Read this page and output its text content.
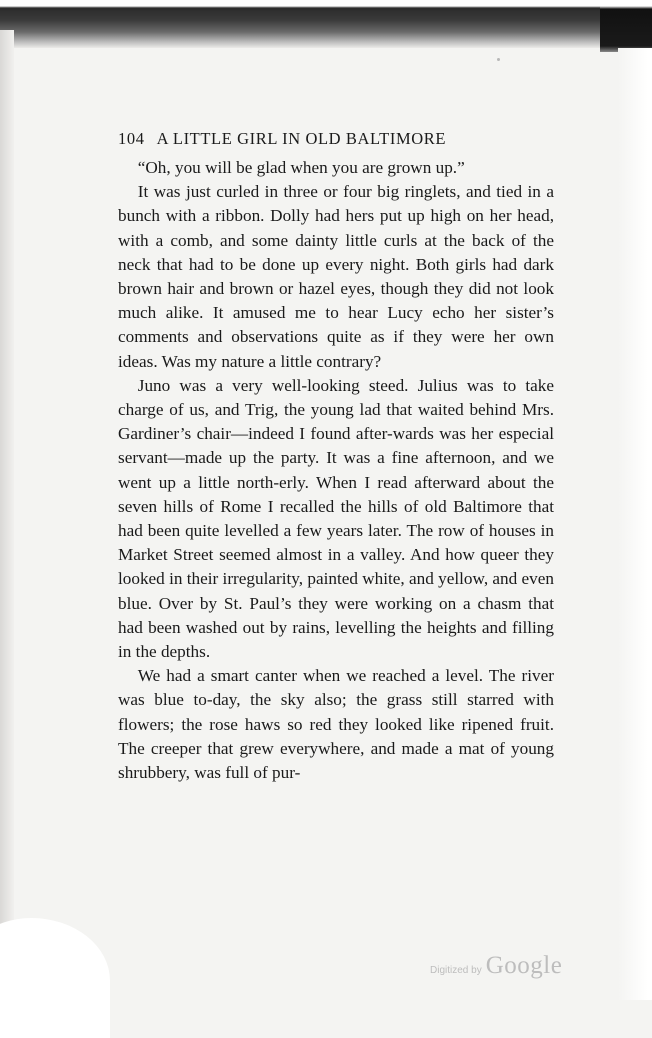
104 A LITTLE GIRL IN OLD BALTIMORE

“Oh, you will be glad when you are grown up.”

It was just curled in three or four big ringlets, and tied in a bunch with a ribbon. Dolly had hers put up high on her head, with a comb, and some dainty little curls at the back of the neck that had to be done up every night. Both girls had dark brown hair and brown or hazel eyes, though they did not look much alike. It amused me to hear Lucy echo her sister’s comments and observations quite as if they were her own ideas. Was my nature a little contrary?

Juno was a very well-looking steed. Julius was to take charge of us, and Trig, the young lad that waited behind Mrs. Gardiner’s chair—indeed I found after-wards was her especial servant—made up the party. It was a fine afternoon, and we went up a little north-erly. When I read afterward about the seven hills of Rome I recalled the hills of old Baltimore that had been quite levelled a few years later. The row of houses in Market Street seemed almost in a valley. And how queer they looked in their irregularity, painted white, and yellow, and even blue. Over by St. Paul’s they were working on a chasm that had been washed out by rains, levelling the heights and filling in the depths.

We had a smart canter when we reached a level. The river was blue to-day, the sky also; the grass still starred with flowers; the rose haws so red they looked like ripened fruit. The creeper that grew everywhere, and made a mat of young shrubbery, was full of pur-

Digitized by Google
